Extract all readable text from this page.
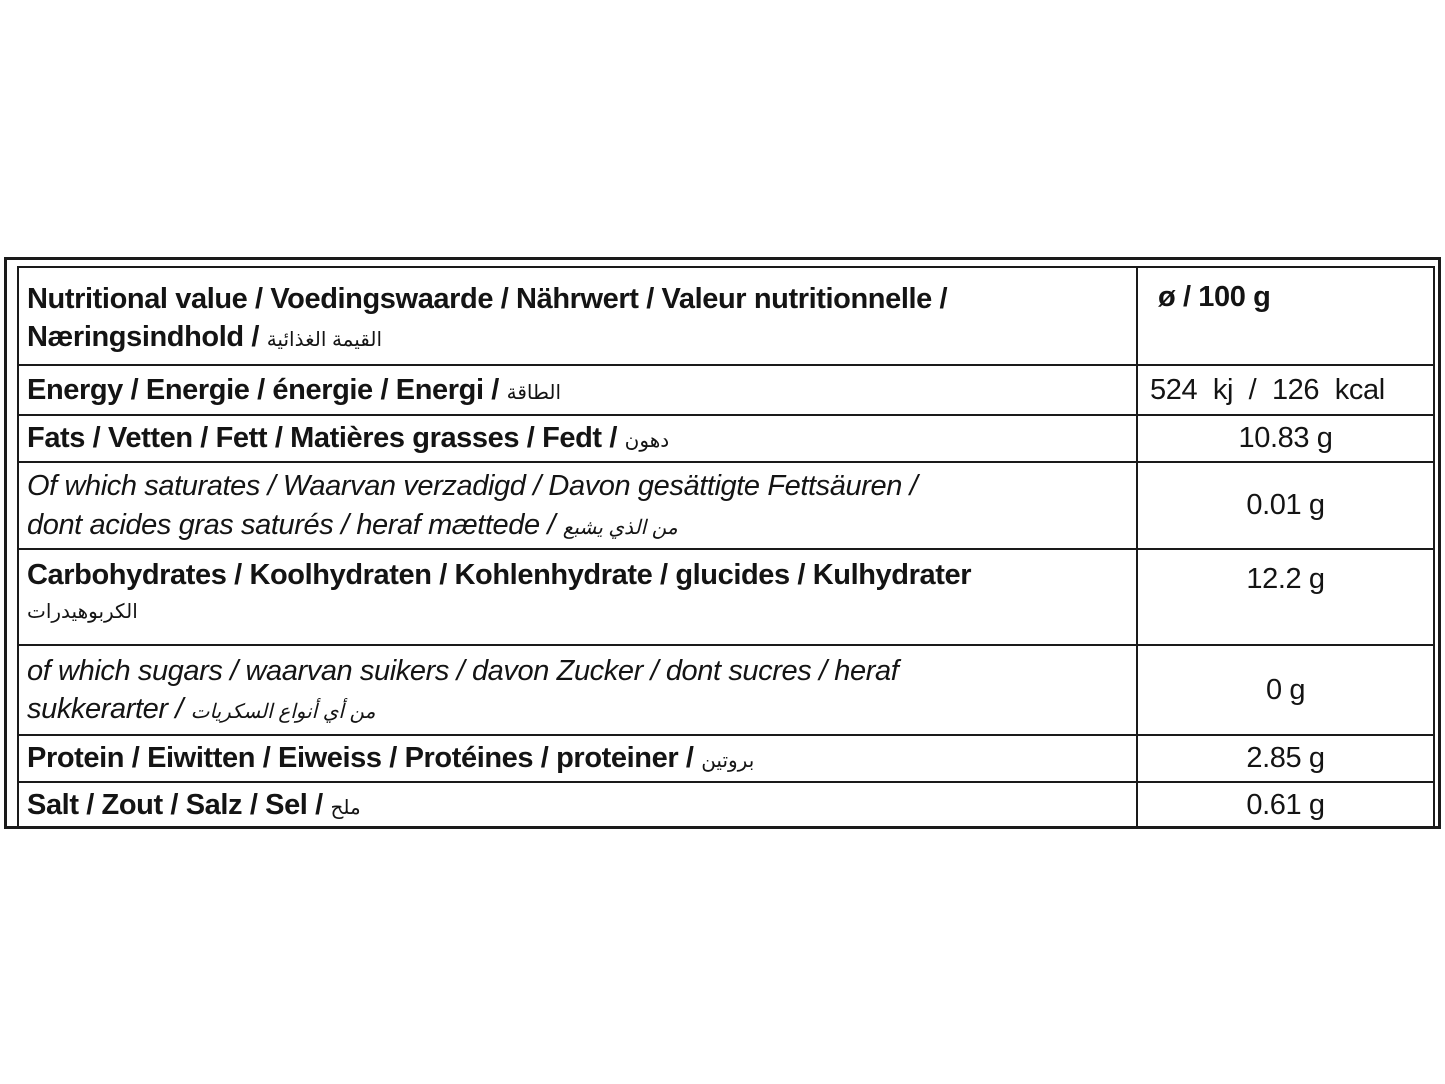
Nutritional value / Voedingswaarde / Nährwert / Valeur nutritionnelle /
Næringsindhold / القيمة الغذائية	ø / 100 g
Energy / Energie / énergie / Energi / الطاقة	524 kj / 126 kcal
Fats / Vetten / Fett / Matières grasses / Fedt / دهون	10.83 g

Of which saturates / Waarvan verzadigd / Davon gesättigte Fettsäuren /
dont acides gras saturés / heraf mættede / من الذي يشبع	0.01 g

Carbohydrates / Koolhydraten / Kohlenhydrate / glucides / Kulhydrater
الكربوهيدرات	12.2 g

of which sugars / waarvan suikers / davon Zucker / dont sucres / heraf
sukkerarter / من أي أنواع السكريات	0 g
Protein / Eiwitten / Eiweiss / Protéines / proteiner / بروتين	2.85 g
Salt / Zout / Salz / Sel / ملح	0.61 g
